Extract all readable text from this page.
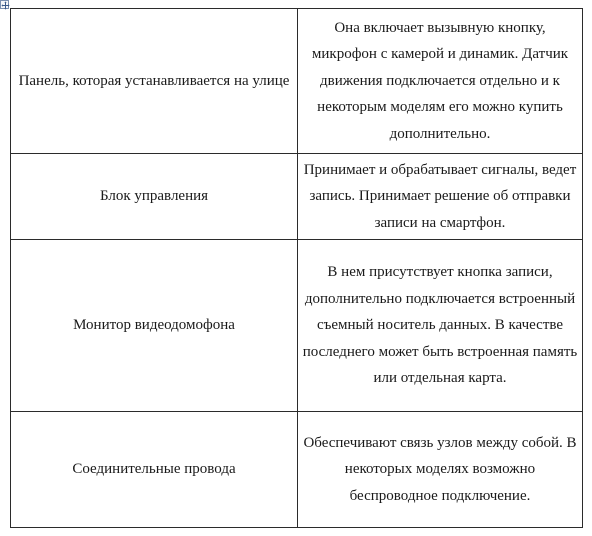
Панель, которая устанавливается на улице	Она включает вызывную кнопку, микрофон с камерой и динамик. Датчик движения подключается отдельно и к некоторым моделям его можно купить дополнительно.

Блок управления	Принимает и обрабатывает сигналы, ведет запись. Принимает решение об отправки записи на смартфон.

Монитор видеодомофона	В нем присутствует кнопка записи, дополнительно подключается встроенный съемный носитель данных. В качестве последнего может быть встроенная память или отдельная карта.

Соединительные провода	Обеспечивают связь узлов между собой. В некоторых моделях возможно беспроводное подключение.
